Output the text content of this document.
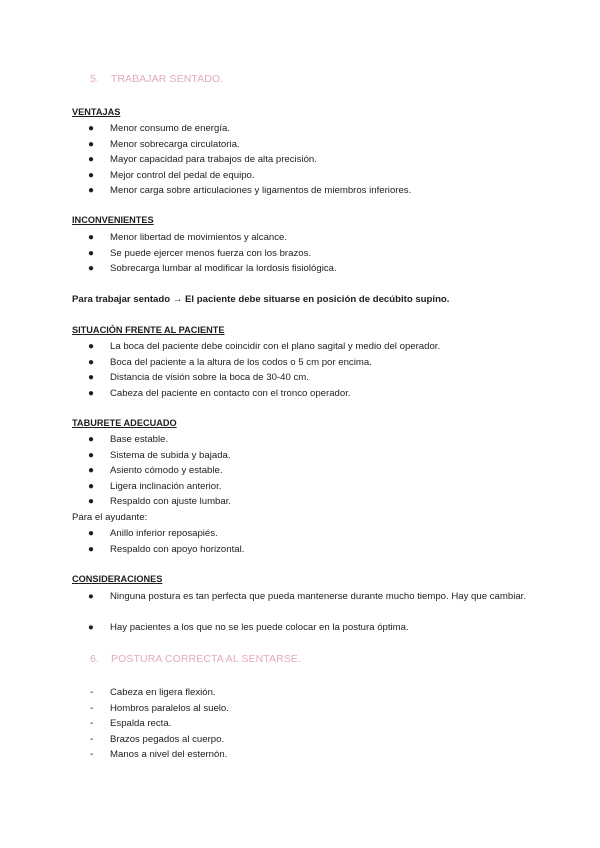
5. TRABAJAR SENTADO.
VENTAJAS
● Menor consumo de energía.
● Menor sobrecarga circulatoria.
● Mayor capacidad para trabajos de alta precisión.
● Mejor control del pedal de equipo.
● Menor carga sobre articulaciones y ligamentos de miembros inferiores.
INCONVENIENTES
● Menor libertad de movimientos y alcance.
● Se puede ejercer menos fuerza con los brazos.
● Sobrecarga lumbar al modificar la lordosis fisiológica.
Para trabajar sentado → El paciente debe situarse en posición de decúbito supino.
SITUACIÓN FRENTE AL PACIENTE
● La boca del paciente debe coincidir con el plano sagital y medio del operador.
● Boca del paciente a la altura de los codos o 5 cm por encima.
● Distancia de visión sobre la boca de 30-40 cm.
● Cabeza del paciente en contacto con el tronco operador.
TABURETE ADECUADO
● Base estable.
● Sistema de subida y bajada.
● Asiento cómodo y estable.
● Ligera inclinación anterior.
● Respaldo con ajuste lumbar.
Para el ayudante:
● Anillo inferior reposapiés.
● Respaldo con apoyo horizontal.
CONSIDERACIONES
● Ninguna postura es tan perfecta que pueda mantenerse durante mucho tiempo. Hay que cambiar.
● Hay pacientes a los que no se les puede colocar en la postura óptima.
6. POSTURA CORRECTA AL SENTARSE.
- Cabeza en ligera flexión.
- Hombros paralelos al suelo.
- Espalda recta.
- Brazos pegados al cuerpo.
- Manos a nivel del esternón.
